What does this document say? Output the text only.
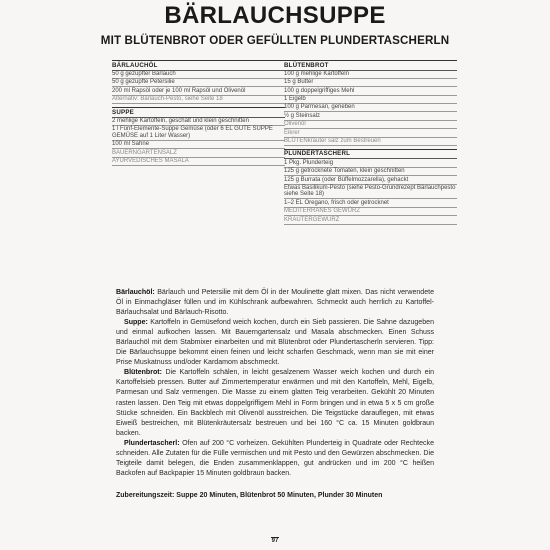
BÄRLAUCHSUPPE
MIT BLÜTENBROT ODER GEFÜLLTEN PLUNDERTASCHERLN
BÄRLAUCHÖL
50 g gezupfter Bärlauch
50 g gezupfte Petersilie
200 ml Rapsöl oder je 100 ml Rapsöl und Olivenöl
Alternativ: Bärlauch-Pesto, siehe Seite 18
SUPPE
2 mehlige Kartoffeln, geschält und klein geschnitten
1 l Fünf-Elemente-Suppe Gemüse (oder 6 EL GUTE SUPPE GEMÜSE auf 1 Liter Wasser)
100 ml Sahne
BAUERNGARTENSALZ
AYURVEDISCHES MASALA
BLÜTENBROT
100 g mehlige Kartoffeln
15 g Butter
100 g doppelgriffiges Mehl
1 Eigelb
100 g Parmesan, gerieben
½ g Steinsalz
Olivenöl
Eikrer
BLÜTENkräuter salz zum Bestreuen
PLUNDERTASCHERL
1 Pkg. Plunderteig
125 g getrocknete Tomaten, klein geschnitten
125 g Burrata (oder Büffelmozzarella), gehackt
Etwas Basilikum-Pesto (siehe Pesto-Grundrezept Bärlauchpesto siehe Seite 18)
1–2 EL Oregano, frisch oder getrocknet
MEDITERRANES GEWÜRZ
KRÄUTERGEWÜRZ

Bärlauchöl: Bärlauch und Petersilie mit dem Öl in der Moulinette glatt mixen. Das nicht verwendete Öl in Einmachgläser füllen und im Kühlschrank aufbewahren. Schmeckt auch herrlich zu Kartoffel-Bärlauchsalat und Bärlauch-Risotto.

Suppe: Kartoffeln in Gemüsefond weich kochen, durch ein Sieb passieren. Die Sahne dazugeben und einmal aufkochen lassen. Mit Bauerngartensalz und Masala abschmecken. Einen Schuss Bärlauchöl mit dem Stabmixer einarbeiten und mit Blütenbrot oder Plundertascherln servieren. Tipp: Die Bärlauchsuppe bekommt einen feinen und leicht scharfen Geschmack, wenn man sie mit einer Prise Muskatnuss und/oder Kardamom abschmeckt.

Blütenbrot: Die Kartoffeln schälen, in leicht gesalzenem Wasser weich kochen und durch ein Kartoffelsieb pressen. Butter auf Zimmertemperatur erwärmen und mit den Kartoffeln, Mehl, Eigelb, Parmesan und Salz vermengen. Die Masse zu einem glatten Teig verarbeiten. Gekühlt 20 Minuten rasten lassen. Den Teig mit etwas doppelgriffigem Mehl in Form bringen und in etwa 5 x 5 cm große Stücke schneiden. Ein Backblech mit Olivenöl ausstreichen. Die Teigstücke darauflegen, mit etwas Eiweiß bestreichen, mit Blütenkräutersalz bestreuen und bei 160 °C ca. 15 Minuten goldbraun backen.

Plundertascherl: Ofen auf 200 °C vorheizen. Gekühlten Plunderteig in Quadrate oder Rechtecke schneiden. Alle Zutaten für die Fülle vermischen und mit Pesto und den Gewürzen abschmecken. Die Teigteile damit belegen, die Enden zusammenklappen, gut andrücken und im 200 °C heißen Backofen auf Backpapier 15 Minuten goldbraun backen.

Zubereitungszeit: Suppe 20 Minuten, Blütenbrot 50 Minuten, Plunder 30 Minuten
97
